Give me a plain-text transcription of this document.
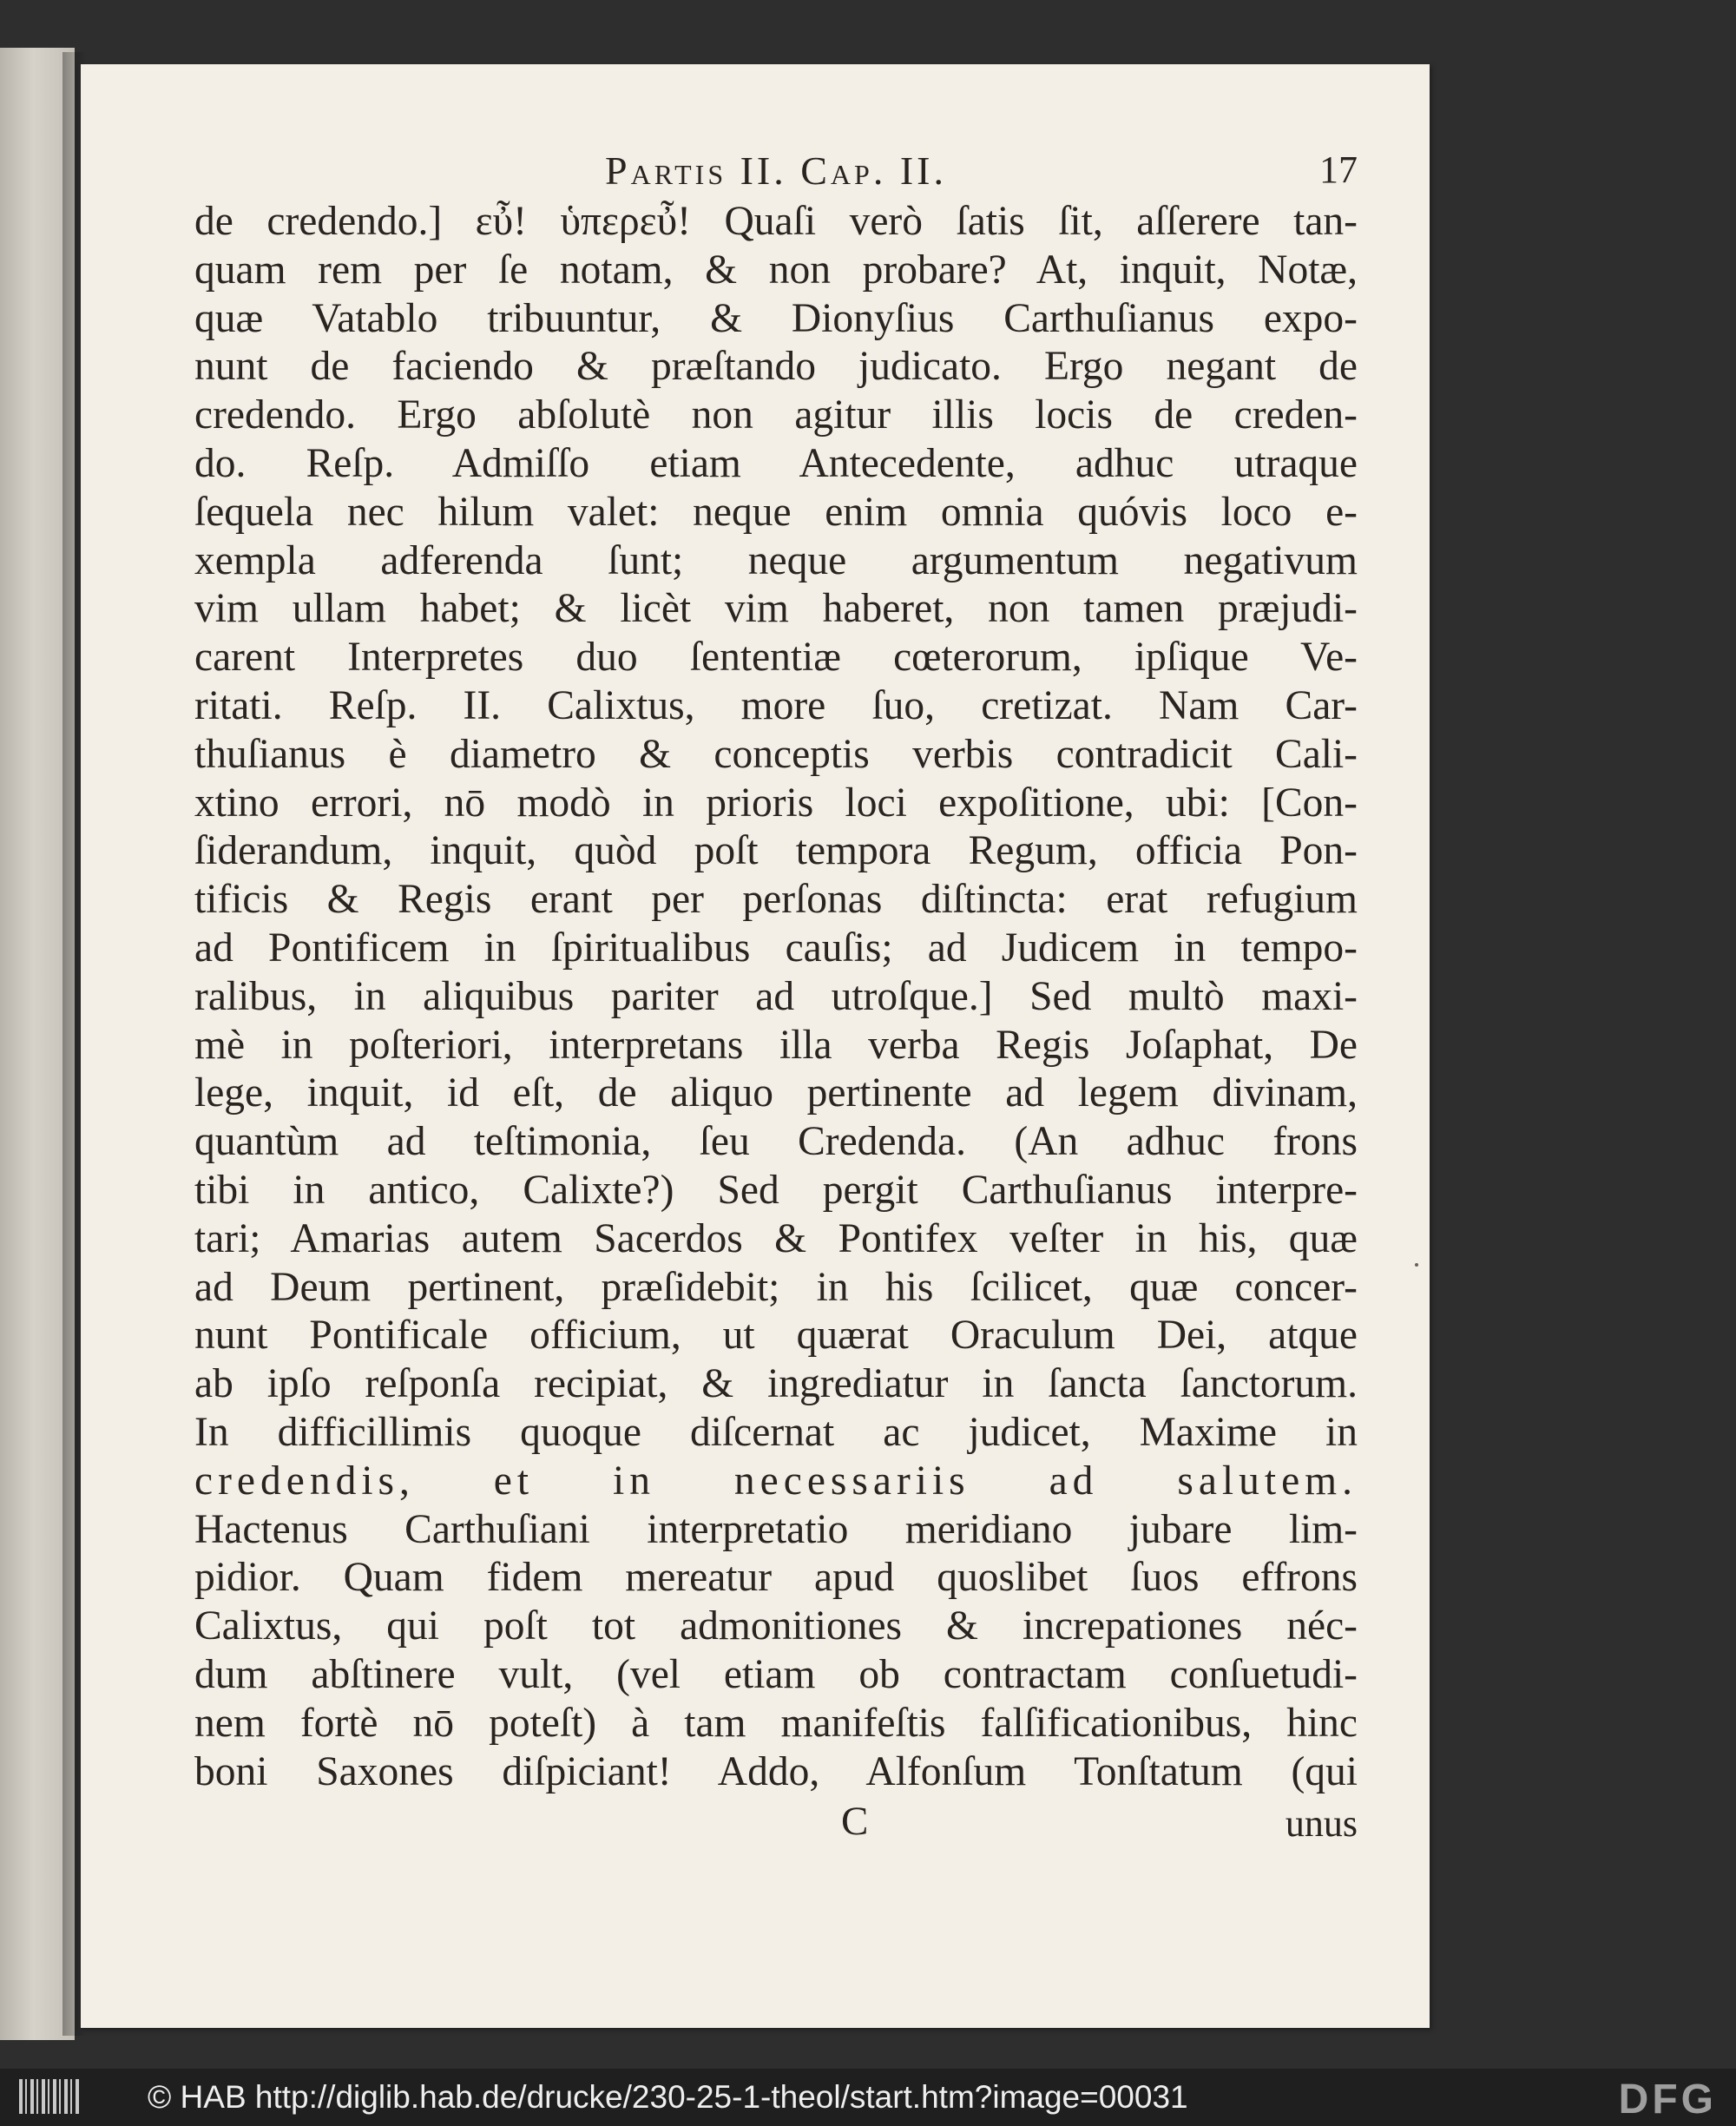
Partis II. Cap. II.	17
de credendo.] εὖ! ὑπερεὖ! Quaſi verò ſatis ſit, aſſerere tan-
quam rem per ſe notam, & non probare? At, inquit, Notæ,
quæ Vatablo tribuuntur, & Dionyſius Carthuſianus expo-
nunt de faciendo & præſtando judicato. Ergo negant de
credendo. Ergo abſolutè non agitur illis locis de creden-
do. Reſp. Admiſſo etiam Antecedente, adhuc utraque
ſequela nec hilum valet: neque enim omnia quóvis loco e-
xempla adferenda ſunt; neque argumentum negativum
vim ullam habet; & licèt vim haberet, non tamen præjudi-
carent Interpretes duo ſententiæ cœterorum, ipſique Ve-
ritati. Reſp. II. Calixtus, more ſuo, cretizat. Nam Car-
thuſianus è diametro & conceptis verbis contradicit Cali-
xtino errori, nō modò in prioris loci expoſitione, ubi: [Con-
ſiderandum, inquit, quòd poſt tempora Regum, officia Pon-
tificis & Regis erant per perſonas diſtincta: erat refugium
ad Pontificem in ſpiritualibus cauſis; ad Judicem in tempo-
ralibus, in aliquibus pariter ad utroſque.] Sed multò maxi-
mè in poſteriori, interpretans illa verba Regis Joſaphat, De
lege, inquit, id eſt, de aliquo pertinente ad legem divinam,
quantùm ad teſtimonia, ſeu Credenda. (An adhuc frons
tibi in antico, Calixte?) Sed pergit Carthuſianus interpre-
tari; Amarias autem Sacerdos & Pontifex veſter in his, quæ
ad Deum pertinent, præſidebit; in his ſcilicet, quæ concer-
nunt Pontificale officium, ut quærat Oraculum Dei, atque
ab ipſo reſponſa recipiat, & ingrediatur in ſancta ſanctorum.
In difficillimis quoque diſcernat ac judicet, Maxime in
credendis, et in necessariis ad salutem.
Hactenus Carthuſiani interpretatio meridiano jubare lim-
pidior. Quam fidem mereatur apud quoslibet ſuos effrons
Calixtus, qui poſt tot admonitiones & increpationes néc-
dum abſtinere vult, (vel etiam ob contractam conſuetudi-
nem fortè nō poteſt) à tam manifeſtis falſificationibus, hinc
boni Saxones diſpiciant! Addo, Alfonſum Tonſtatum (qui
C	unus
© HAB http://diglib.hab.de/drucke/230-25-1-theol/start.htm?image=00031	DFG
